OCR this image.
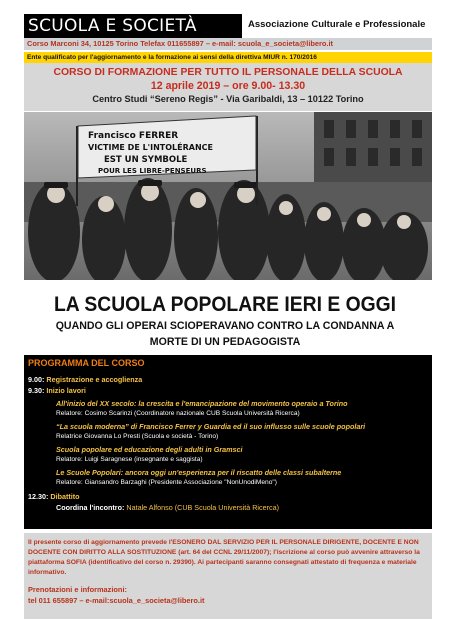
SCUOLA E SOCIETÀ	Associazione Culturale e Professionale
Corso Marconi 34, 10125 Torino Telefax 011655897 – e-mail: scuola_e_societa@libero.it
Ente qualificato per l'aggiornamento e la formazione ai sensi della direttiva MIUR n. 170/2016
CORSO DI FORMAZIONE PER TUTTO IL PERSONALE DELLA SCUOLA
12 aprile 2019 – ore 9.00- 13.30
Centro Studi “Sereno Regis” - Via Garibaldi, 13 – 10122 Torino
Francisco FERRER
VICTIME DE L'INTOLÉRANCE
EST UN SYMBOLE
POUR LES LIBRE-PENSEURS
LA SCUOLA POPOLARE IERI E OGGI
QUANDO GLI OPERAI SCIOPERAVANO CONTRO LA CONDANNA A MORTE DI UN PEDAGOGISTA
PROGRAMMA DEL CORSO
9.00: Registrazione e accoglienza
9.30: Inizio lavori
All'inizio del XX secolo: la crescita e l'emancipazione del movimento operaio a Torino
Relatore: Cosimo Scarinzi (Coordinatore nazionale CUB Scuola Università Ricerca)
“La scuola moderna” di Francisco Ferrer y Guardia ed il suo influsso sulle scuole popolari
Relatrice Giovanna Lo Presti (Scuola e società - Torino)
Scuola popolare ed educazione degli adulti in Gramsci
Relatore: Luigi Saragnese (insegnante e saggista)
Le Scuole Popolari: ancora oggi un'esperienza per il riscatto delle classi subalterne
Relatore: Giansandro Barzaghi (Presidente Associazione "NonUnodiMeno")
12.30: Dibattito
Coordina l'incontro: Natale Alfonso (CUB Scuola Università Ricerca)
Il presente corso di aggiornamento prevede l'ESONERO DAL SERVIZIO PER IL PERSONALE DIRIGENTE, DOCENTE E NON DOCENTE CON DIRITTO ALLA SOSTITUZIONE (art. 64 del CCNL 29/11/2007); l'iscrizione al corso può avvenire attraverso la piattaforma SOFIA (identificativo del corso n. 29390). Ai partecipanti saranno consegnati attestato di frequenza e materiale informativo.
Prenotazioni e informazioni:
tel 011 655897 – e-mail:scuola_e_societa@libero.it
